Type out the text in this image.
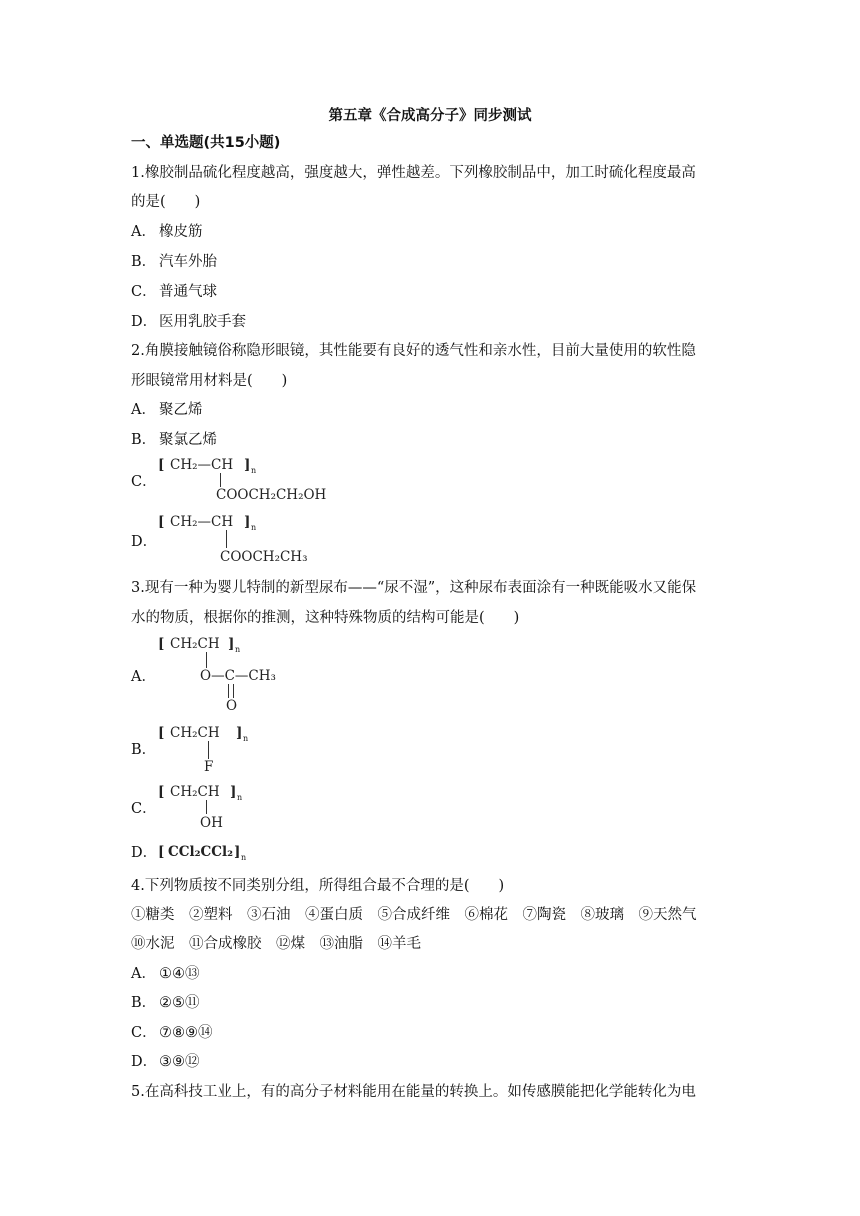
第五章《合成高分子》同步测试
一、单选题(共15小题)
1.橡胶制品硫化程度越高，强度越大，弹性越差。下列橡胶制品中，加工时硫化程度最高
的是(　　)
A． 橡皮筋
B． 汽车外胎
C． 普通气球
D． 医用乳胶手套
2.角膜接触镜俗称隐形眼镜，其性能要有良好的透气性和亲水性，目前大量使用的软性隐
形眼镜常用材料是(　　)
A． 聚乙烯
B． 聚氯乙烯
C．
[ CH₂—CH ] n
COOCH₂CH₂OH
D．
[ CH₂—CH ] n
COOCH₂CH₃
3.现有一种为婴儿特制的新型尿布——“尿不湿”，这种尿布表面涂有一种既能吸水又能保
水的物质，根据你的推测，这种特殊物质的结构可能是(　　)
A．
[ CH₂CH ] n
O—C—CH₃
O
B．
[ CH₂CH ] n
F
C．
[ CH₂CH ] n
OH
D． [ CCl₂CCl₂ ] n
4.下列物质按不同类别分组，所得组合最不合理的是(　　)
①糖类　②塑料　③石油　④蛋白质　⑤合成纤维　⑥棉花　⑦陶瓷　⑧玻璃　⑨天然气
⑩水泥　⑪合成橡胶　⑫煤　⑬油脂　⑭羊毛
A． ①④⑬
B． ②⑤⑪
C． ⑦⑧⑨⑭
D． ③⑨⑫
5.在高科技工业上，有的高分子材料能用在能量的转换上。如传感膜能把化学能转化为电
